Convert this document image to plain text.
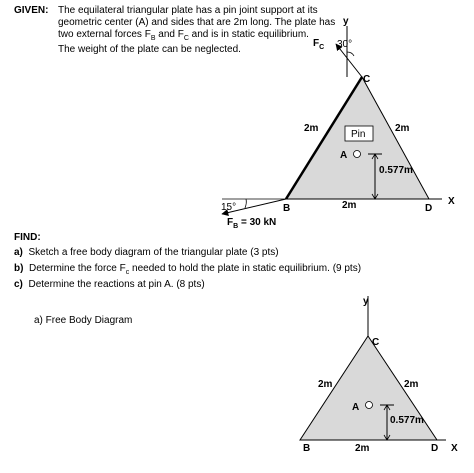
GIVEN: The equilateral triangular plate has a pin joint support at its
geometric center (A) and sides that are 2m long. The plate has
two external forces $F_B$ and $F_C$ and is in static equilibrium.
The weight of the plate can be neglected.
y
$F_C$ 30°
C
B	D
2m	2m
2m
Pin
A
0.577m
X
15°
$F_B = 30$ kN
y
X
C
B	D
2m	2m
2m
A
0.577m
FIND:
a) Sketch a free body diagram of the triangular plate (3 pts)
b) Determine the force $F_c$ needed to hold the plate in static equilibrium. (9 pts)
c) Determine the reactions at pin A. (8 pts)
a) Free Body Diagram
